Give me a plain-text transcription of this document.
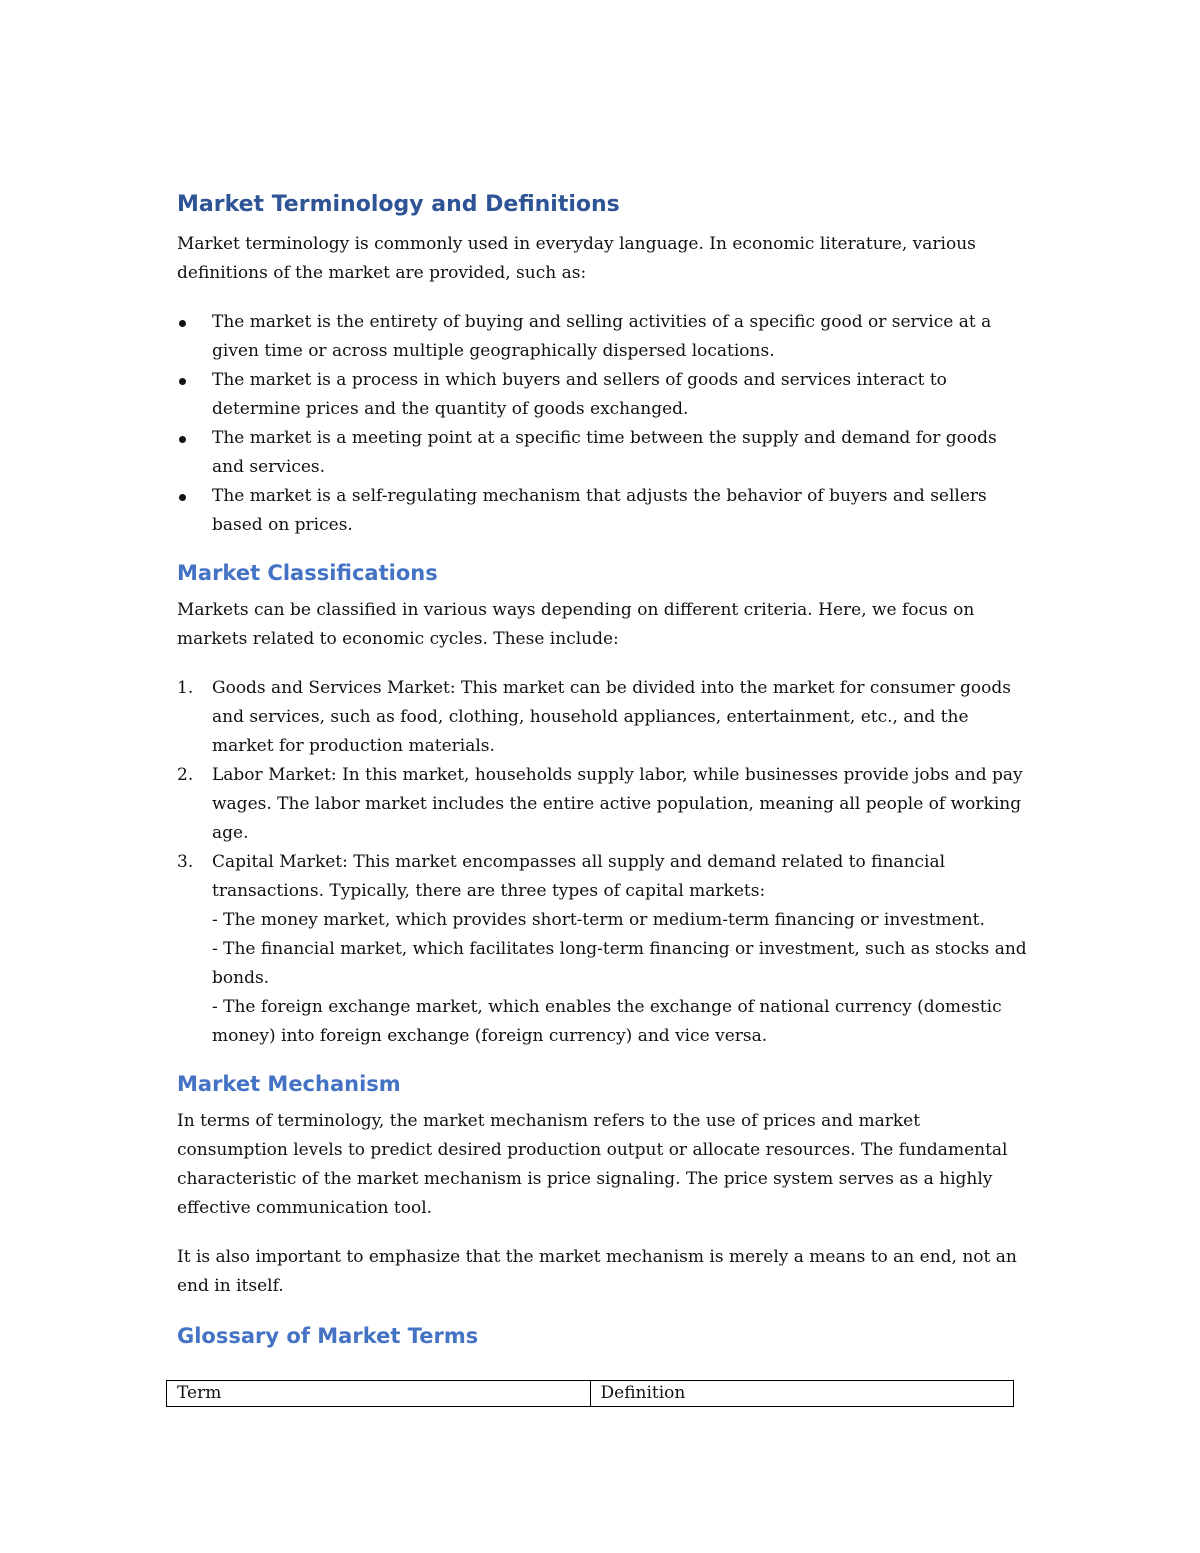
Market Terminology and Definitions

Market terminology is commonly used in everyday language. In economic literature, various definitions of the market are provided, such as:

The market is the entirety of buying and selling activities of a specific good or service at a given time or across multiple geographically dispersed locations.
The market is a process in which buyers and sellers of goods and services interact to determine prices and the quantity of goods exchanged.
The market is a meeting point at a specific time between the supply and demand for goods and services.
The market is a self-regulating mechanism that adjusts the behavior of buyers and sellers based on prices.
Market Classifications

Markets can be classified in various ways depending on different criteria. Here, we focus on markets related to economic cycles. These include:

1.	Goods and Services Market: This market can be divided into the market for consumer goods and services, such as food, clothing, household appliances, entertainment, etc., and the market for production materials.
2.	Labor Market: In this market, households supply labor, while businesses provide jobs and pay wages. The labor market includes the entire active population, meaning all people of working age.
3.	Capital Market: This market encompasses all supply and demand related to financial transactions. Typically, there are three types of capital markets:
- The money market, which provides short-term or medium-term financing or investment.
- The financial market, which facilitates long-term financing or investment, such as stocks and bonds.
- The foreign exchange market, which enables the exchange of national currency (domestic money) into foreign exchange (foreign currency) and vice versa.
Market Mechanism

In terms of terminology, the market mechanism refers to the use of prices and market consumption levels to predict desired production output or allocate resources. The fundamental characteristic of the market mechanism is price signaling. The price system serves as a highly effective communication tool.

It is also important to emphasize that the market mechanism is merely a means to an end, not an end in itself.

Glossary of Market Terms
Term	Definition
